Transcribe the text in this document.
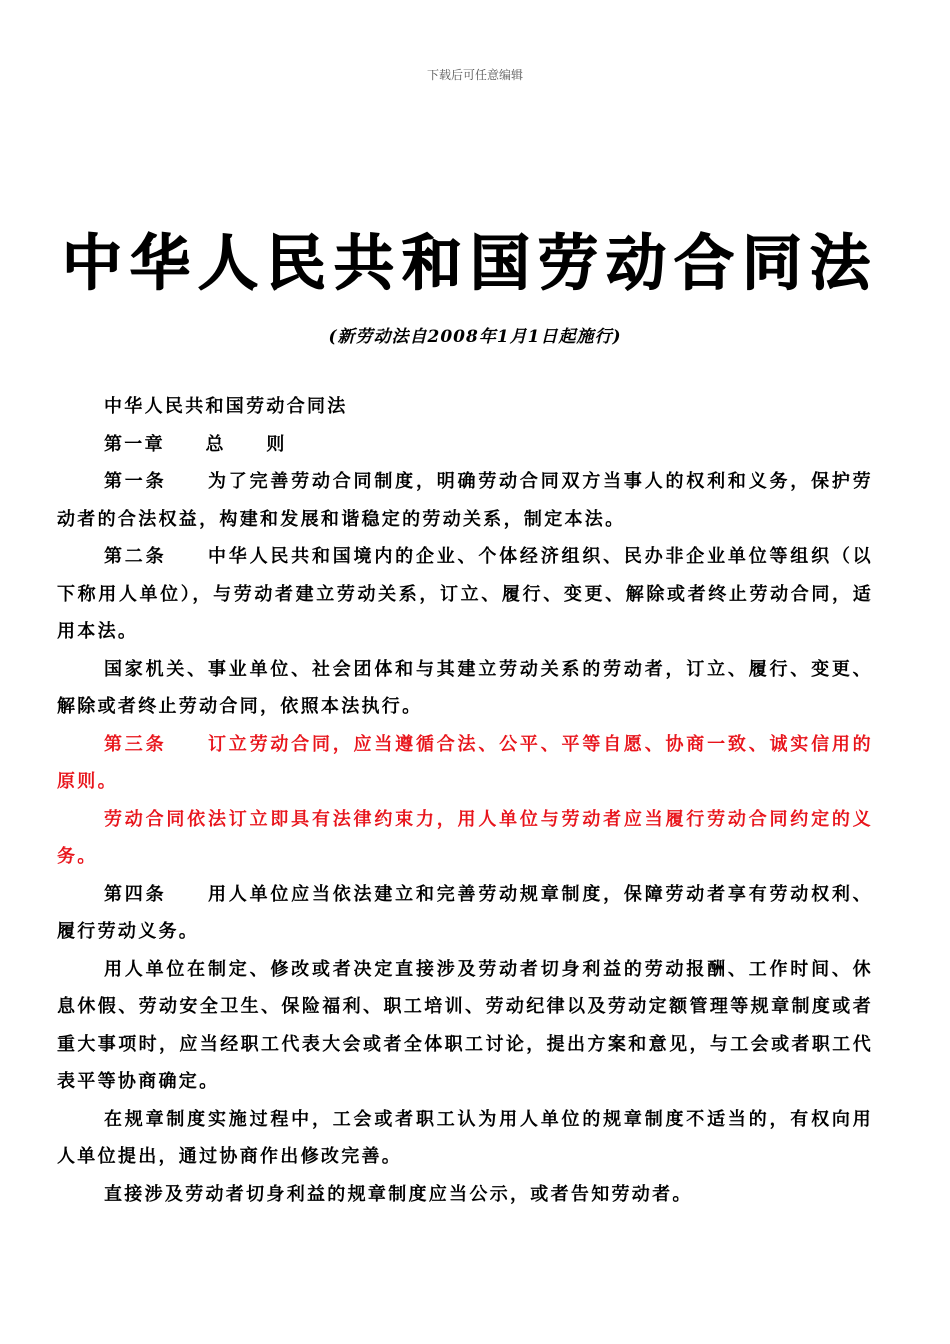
下载后可任意编辑
中华人民共和国劳动合同法
(新劳动法自2008年1月1日起施行)

中华人民共和国劳动合同法

第一章　　总　　则

第一条　　为了完善劳动合同制度，明确劳动合同双方当事人的权利和义务，保护劳动者的合法权益，构建和发展和谐稳定的劳动关系，制定本法。

第二条　　中华人民共和国境内的企业、个体经济组织、民办非企业单位等组织（以下称用人单位），与劳动者建立劳动关系，订立、履行、变更、解除或者终止劳动合同，适用本法。

国家机关、事业单位、社会团体和与其建立劳动关系的劳动者，订立、履行、变更、解除或者终止劳动合同，依照本法执行。

第三条　　订立劳动合同，应当遵循合法、公平、平等自愿、协商一致、诚实信用的原则。

劳动合同依法订立即具有法律约束力，用人单位与劳动者应当履行劳动合同约定的义务。

第四条　　用人单位应当依法建立和完善劳动规章制度，保障劳动者享有劳动权利、履行劳动义务。

用人单位在制定、修改或者决定直接涉及劳动者切身利益的劳动报酬、工作时间、休息休假、劳动安全卫生、保险福利、职工培训、劳动纪律以及劳动定额管理等规章制度或者重大事项时，应当经职工代表大会或者全体职工讨论，提出方案和意见，与工会或者职工代表平等协商确定。

在规章制度实施过程中，工会或者职工认为用人单位的规章制度不适当的，有权向用人单位提出，通过协商作出修改完善。

直接涉及劳动者切身利益的规章制度应当公示，或者告知劳动者。
